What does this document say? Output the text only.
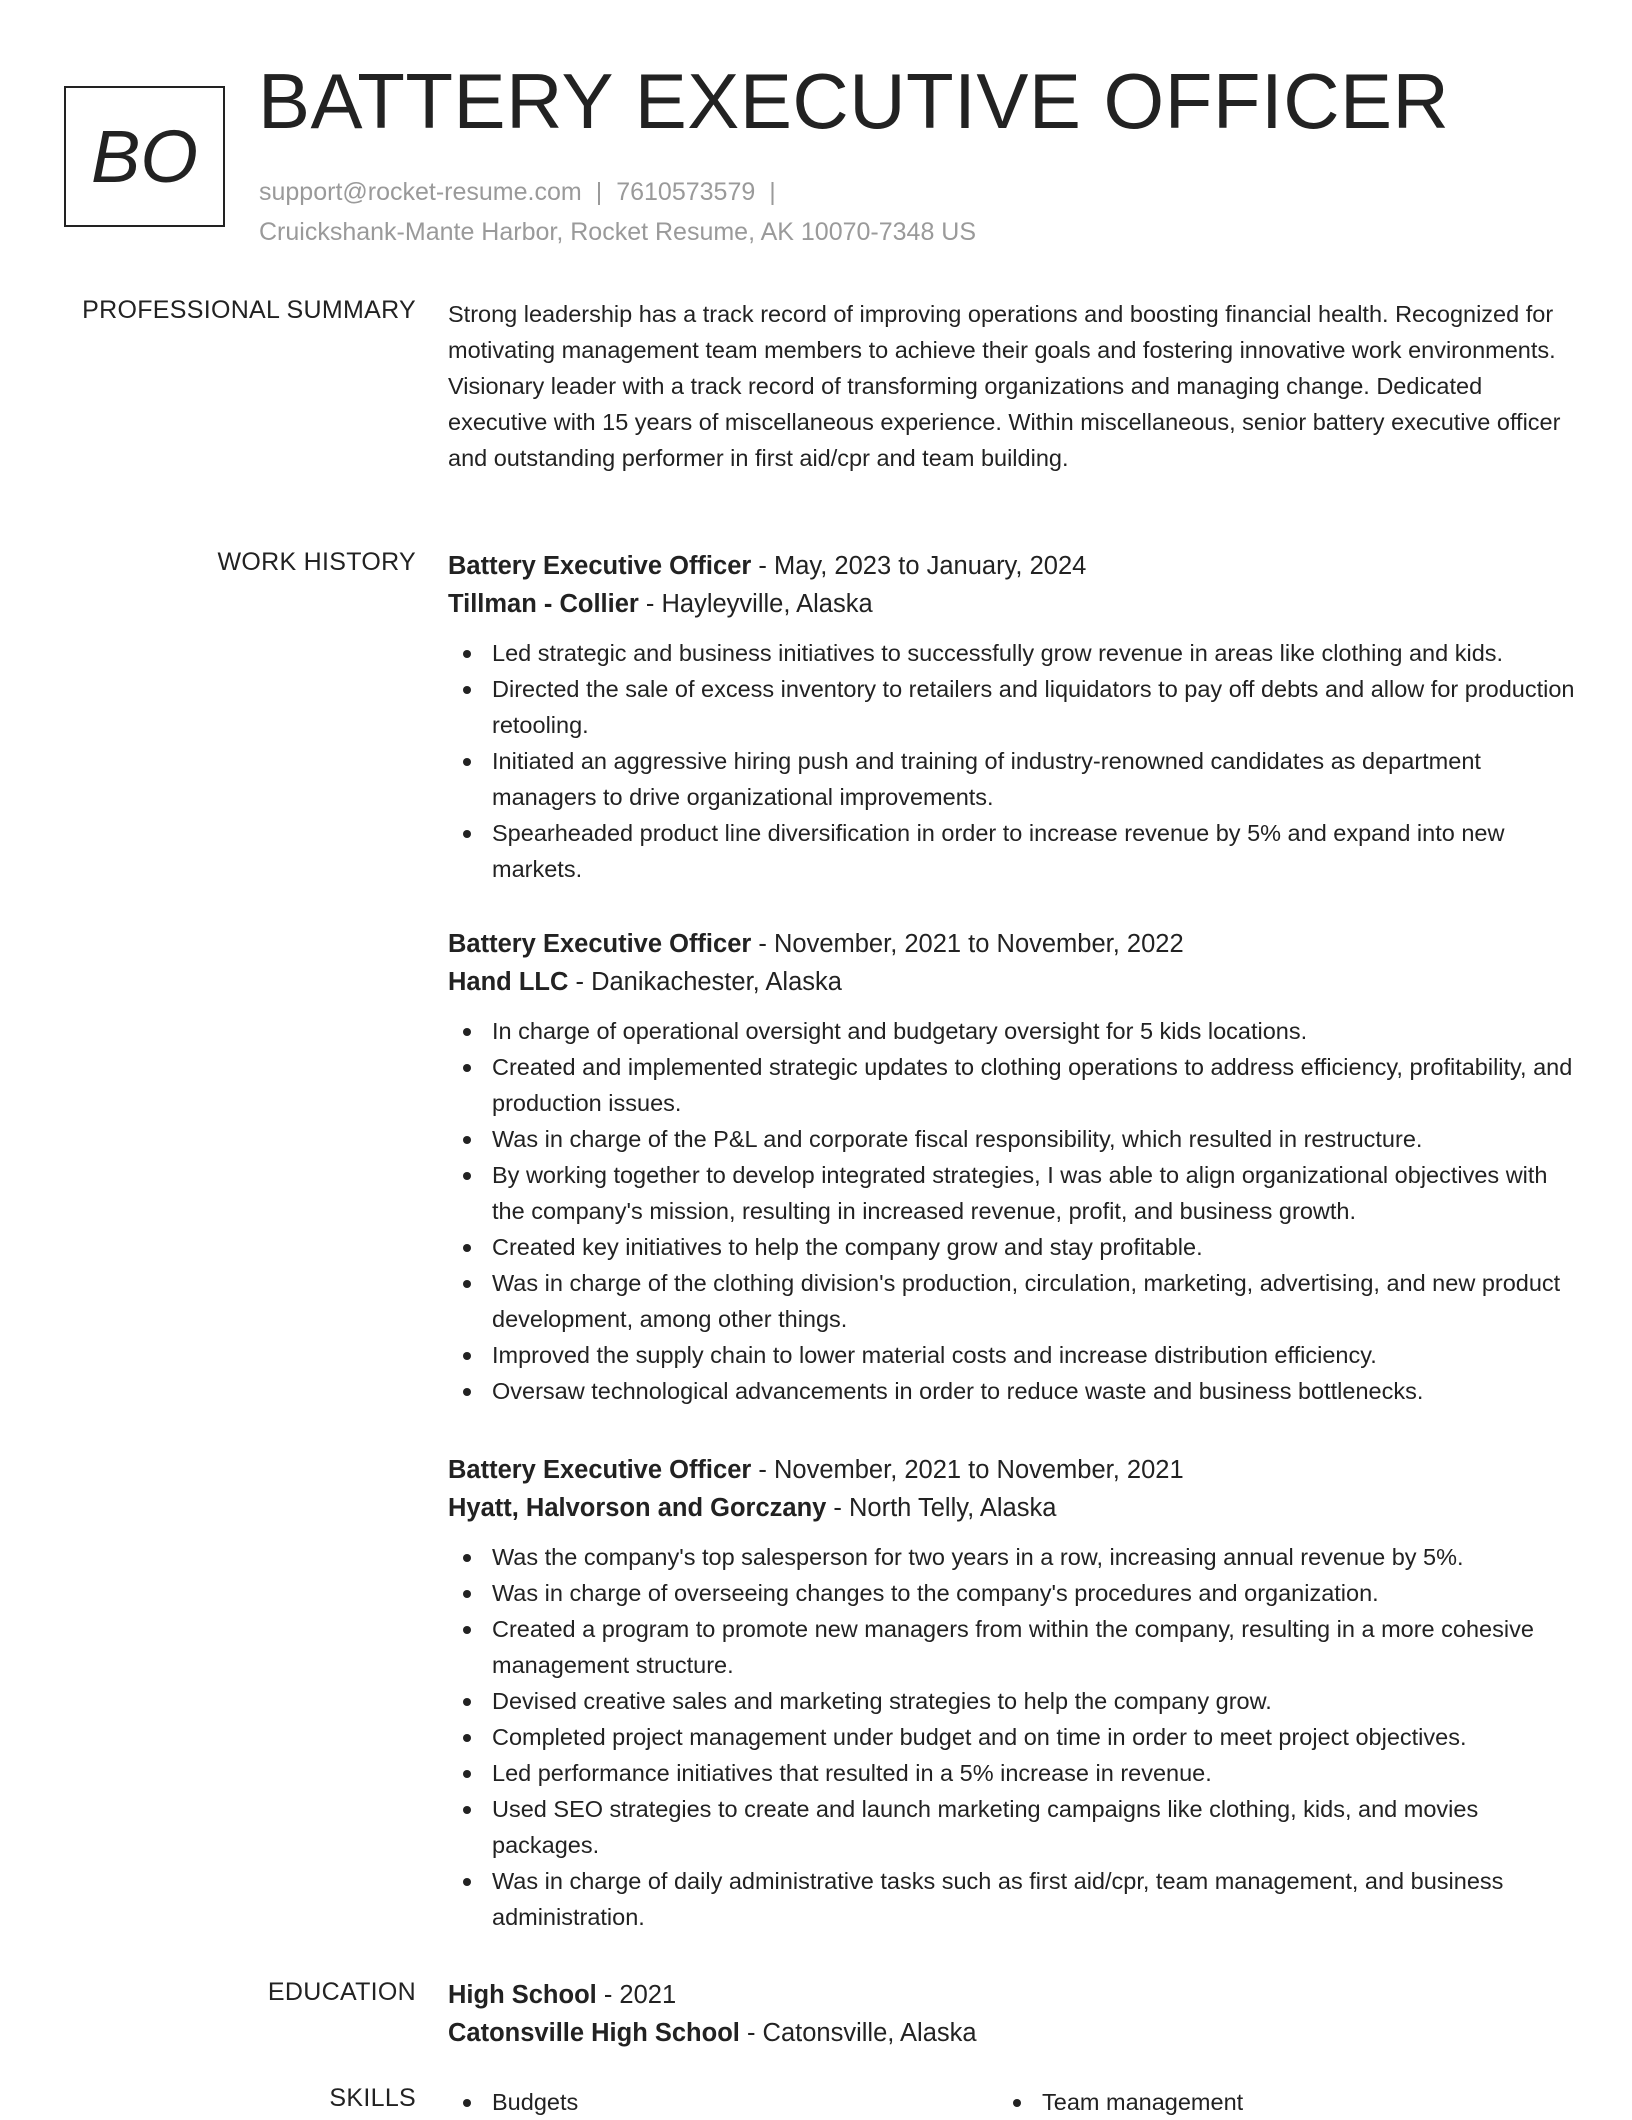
BO
BATTERY EXECUTIVE OFFICER
support@rocket-resume.com | 7610573579 |
Cruickshank-Mante Harbor, Rocket Resume, AK 10070-7348 US
PROFESSIONAL SUMMARY Strong leadership has a track record of improving operations and boosting financial health. Recognized for motivating management team members to achieve their goals and fostering innovative work environments. Visionary leader with a track record of transforming organizations and managing change. Dedicated executive with 15 years of miscellaneous experience. Within miscellaneous, senior battery executive officer and outstanding performer in first aid/cpr and team building.

WORK HISTORY Battery Executive Officer - May, 2023 to January, 2024
Tillman - Collier - Hayleyville, Alaska
Led strategic and business initiatives to successfully grow revenue in areas like clothing and kids.
Directed the sale of excess inventory to retailers and liquidators to pay off debts and allow for production retooling.
Initiated an aggressive hiring push and training of industry-renowned candidates as department managers to drive organizational improvements.
Spearheaded product line diversification in order to increase revenue by 5% and expand into new markets.
Battery Executive Officer - November, 2021 to November, 2022
Hand LLC - Danikachester, Alaska
In charge of operational oversight and budgetary oversight for 5 kids locations.
Created and implemented strategic updates to clothing operations to address efficiency, profitability, and production issues.
Was in charge of the P&L and corporate fiscal responsibility, which resulted in restructure.
By working together to develop integrated strategies, I was able to align organizational objectives with the company's mission, resulting in increased revenue, profit, and business growth.
Created key initiatives to help the company grow and stay profitable.
Was in charge of the clothing division's production, circulation, marketing, advertising, and new product development, among other things.
Improved the supply chain to lower material costs and increase distribution efficiency.
Oversaw technological advancements in order to reduce waste and business bottlenecks.
Battery Executive Officer - November, 2021 to November, 2021
Hyatt, Halvorson and Gorczany - North Telly, Alaska
Was the company's top salesperson for two years in a row, increasing annual revenue by 5%.
Was in charge of overseeing changes to the company's procedures and organization.
Created a program to promote new managers from within the company, resulting in a more cohesive management structure.
Devised creative sales and marketing strategies to help the company grow.
Completed project management under budget and on time in order to meet project objectives.
Led performance initiatives that resulted in a 5% increase in revenue.
Used SEO strategies to create and launch marketing campaigns like clothing, kids, and movies packages.
Was in charge of daily administrative tasks such as first aid/cpr, team management, and business administration.
EDUCATION High School - 2021
Catonsville High School - Catonsville, Alaska
SKILLS	Budgets	Team management
